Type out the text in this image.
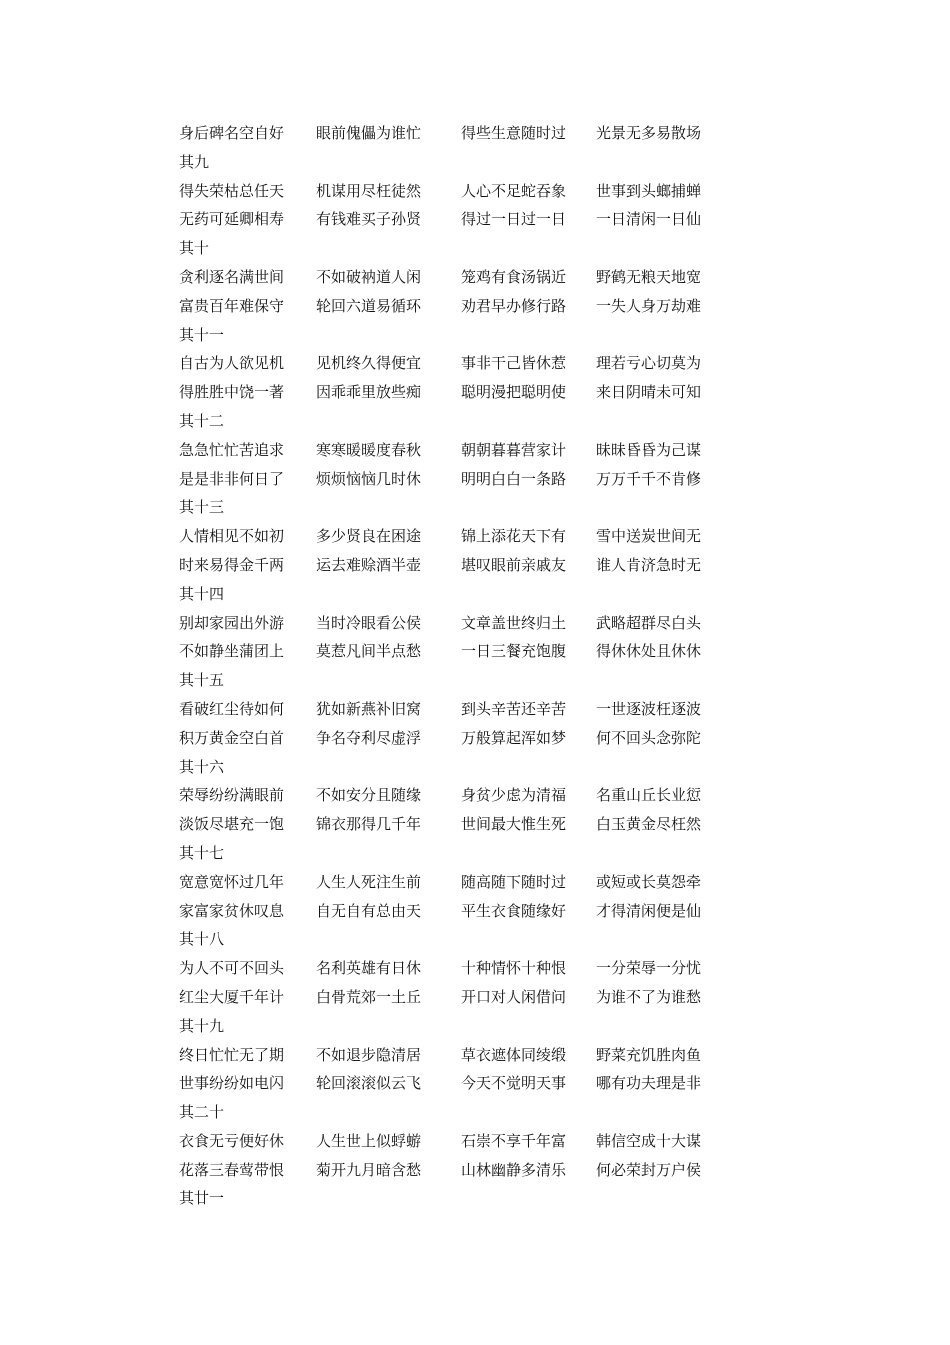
身后碑名空自好 眼前傀儡为谁忙	得些生意随时过 光景无多易散场
其九
得失荣枯总任天 机谋用尽枉徒然	人心不足蛇吞象 世事到头螂捕蝉
无药可延卿相寿 有钱难买子孙贤	得过一日过一日 一日清闲一日仙
其十
贪利逐名满世间 不如破衲道人闲	笼鸡有食汤锅近 野鹤无粮天地宽
富贵百年难保守 轮回六道易循环	劝君早办修行路 一失人身万劫难
其十一
自古为人欲见机 见机终久得便宜	事非干己皆休惹 理若亏心切莫为
得胜胜中饶一著 因乖乖里放些痴	聪明漫把聪明使 来日阴晴未可知
其十二
急急忙忙苦追求 寒寒暖暖度春秋	朝朝暮暮营家计 昧昧昏昏为己谋
是是非非何日了 烦烦恼恼几时休	明明白白一条路 万万千千不肯修
其十三
人情相见不如初 多少贤良在困途	锦上添花天下有 雪中送炭世间无
时来易得金千两 运去难赊酒半壶	堪叹眼前亲戚友 谁人肯济急时无
其十四
别却家园出外游 当时冷眼看公侯	文章盖世终归土 武略超群尽白头
不如静坐蒲团上 莫惹凡间半点愁	一日三餐充饱腹 得休休处且休休
其十五
看破红尘待如何 犹如新燕补旧窝	到头辛苦还辛苦 一世逐波枉逐波
积万黄金空白首 争名夺利尽虚浮	万般算起浑如梦 何不回头念弥陀
其十六
荣辱纷纷满眼前 不如安分且随缘	身贫少虑为清福 名重山丘长业愆
淡饭尽堪充一饱 锦衣那得几千年	世间最大惟生死 白玉黄金尽枉然
其十七
宽意宽怀过几年 人生人死注生前	随高随下随时过 或短或长莫怨牵
家富家贫休叹息 自无自有总由天	平生衣食随缘好 才得清闲便是仙
其十八
为人不可不回头 名利英雄有日休	十种情怀十种恨 一分荣辱一分忧
红尘大厦千年计 白骨荒郊一土丘	开口对人闲借问 为谁不了为谁愁
其十九
终日忙忙无了期 不如退步隐清居	草衣遮体同绫缎 野菜充饥胜肉鱼
世事纷纷如电闪 轮回滚滚似云飞	今天不觉明天事 哪有功夫理是非
其二十
衣食无亏便好休 人生世上似蜉蝣	石崇不享千年富 韩信空成十大谋
花落三春莺带恨 菊开九月暗含愁	山林幽静多清乐 何必荣封万户侯
其廿一
